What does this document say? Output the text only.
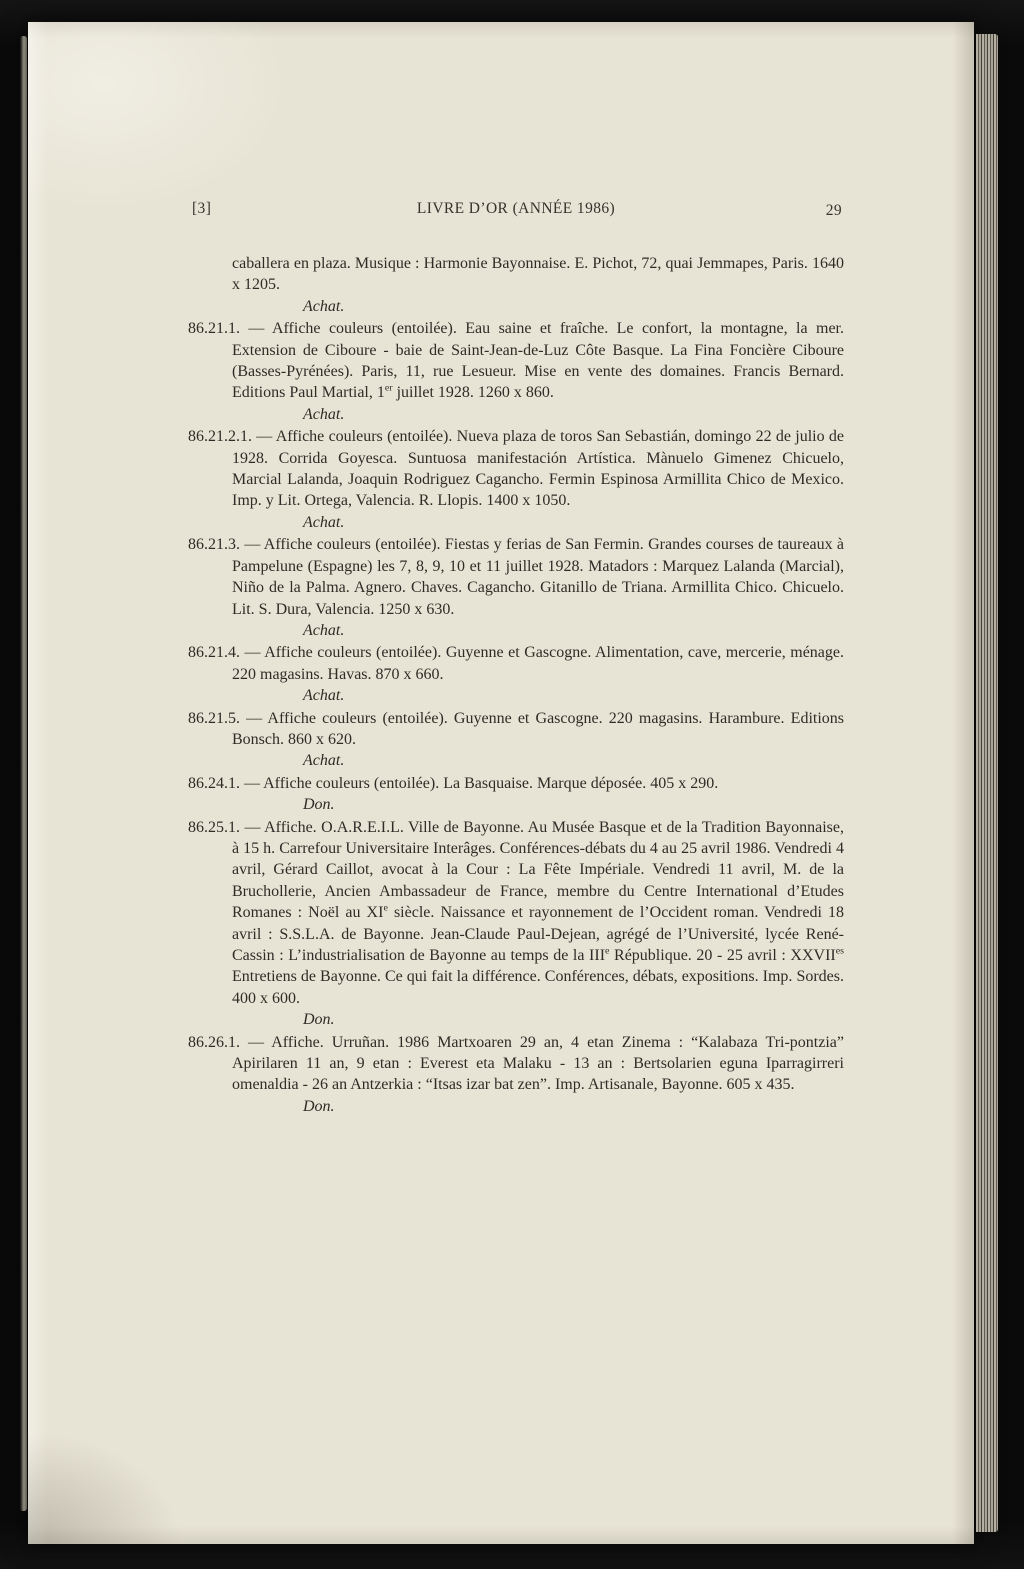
[3]	LIVRE D’OR (ANNÉE 1986)	29

caballera en plaza. Musique : Harmonie Bayonnaise. E. Pichot, 72, quai Jemmapes, Paris. 1640 x 1205.

Achat.

86.21.1. — Affiche couleurs (entoilée). Eau saine et fraîche. Le confort, la montagne, la mer. Extension de Ciboure - baie de Saint-Jean-de-Luz Côte Basque. La Fina Foncière Ciboure (Basses-Pyrénées). Paris, 11, rue Lesueur. Mise en vente des domaines. Francis Bernard. Editions Paul Martial, 1er juillet 1928. 1260 x 860.

Achat.

86.21.2.1. — Affiche couleurs (entoilée). Nueva plaza de toros San Sebastián, domingo 22 de julio de 1928. Corrida Goyesca. Suntuosa manifestación Artística. Mànuelo Gimenez Chicuelo, Marcial Lalanda, Joaquin Rodriguez Cagancho. Fermin Espinosa Armillita Chico de Mexico. Imp. y Lit. Ortega, Valencia. R. Llopis. 1400 x 1050.

Achat.

86.21.3. — Affiche couleurs (entoilée). Fiestas y ferias de San Fermin. Grandes courses de taureaux à Pampelune (Espagne) les 7, 8, 9, 10 et 11 juillet 1928. Matadors : Marquez Lalanda (Marcial), Niño de la Palma. Agnero. Chaves. Cagancho. Gitanillo de Triana. Armillita Chico. Chicuelo. Lit. S. Dura, Valencia. 1250 x 630.

Achat.

86.21.4. — Affiche couleurs (entoilée). Guyenne et Gascogne. Alimentation, cave, mercerie, ménage. 220 magasins. Havas. 870 x 660.

Achat.

86.21.5. — Affiche couleurs (entoilée). Guyenne et Gascogne. 220 magasins. Harambure. Editions Bonsch. 860 x 620.

Achat.

86.24.1. — Affiche couleurs (entoilée). La Basquaise. Marque déposée. 405 x 290.

Don.

86.25.1. — Affiche. O.A.R.E.I.L. Ville de Bayonne. Au Musée Basque et de la Tradition Bayonnaise, à 15 h. Carrefour Universitaire Interâges. Conférences-débats du 4 au 25 avril 1986. Vendredi 4 avril, Gérard Caillot, avocat à la Cour : La Fête Impériale. Vendredi 11 avril, M. de la Bruchollerie, Ancien Ambassadeur de France, membre du Centre International d’Etudes Romanes : Noël au XIe siècle. Naissance et rayonnement de l’Occident roman. Vendredi 18 avril : S.S.L.A. de Bayonne. Jean-Claude Paul-Dejean, agrégé de l’Université, lycée René-Cassin : L’industrialisation de Bayonne au temps de la IIIe République. 20 - 25 avril : $XXVII^{es}$ Entretiens de Bayonne. Ce qui fait la différence. Conférences, débats, expositions. Imp. Sordes. 400 x 600.

Don.

86.26.1. — Affiche. Urruñan. 1986 Martxoaren 29 an, 4 etan Zinema : “Kalabaza Tri-pontzia” Apirilaren 11 an, 9 etan : Everest eta Malaku - 13 an : Bertsolarien eguna Iparragirreri omenaldia - 26 an Antzerkia : “Itsas izar bat zen”. Imp. Artisanale, Bayonne. 605 x 435.

Don.
